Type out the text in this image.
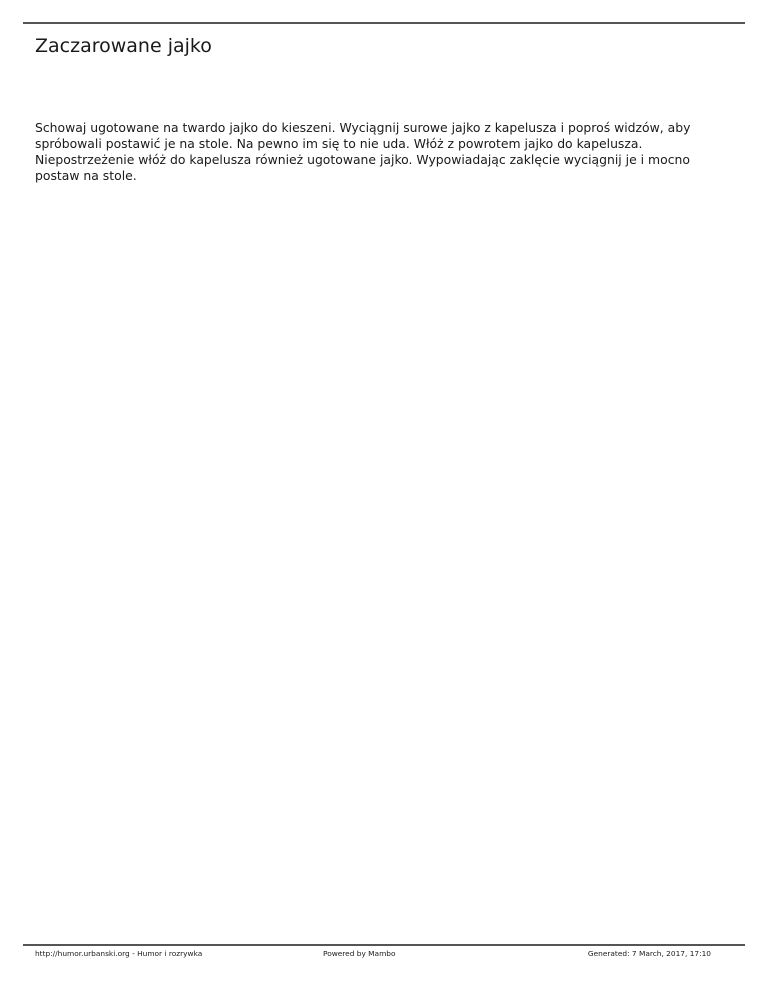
Zaczarowane jajko

Schowaj ugotowane na twardo jajko do kieszeni. Wyciągnij surowe jajko z kapelusza i poproś widzów, aby spróbowali postawić je na stole. Na pewno im się to nie uda. Włóż z powrotem jajko do kapelusza. Niepostrzeżenie włóż do kapelusza również ugotowane jajko. Wypowiadając zaklęcie wyciągnij je i mocno postaw na stole.

http://humor.urbanski.org - Humor i rozrywka	Powered by Mambo	Generated: 7 March, 2017, 17:10
